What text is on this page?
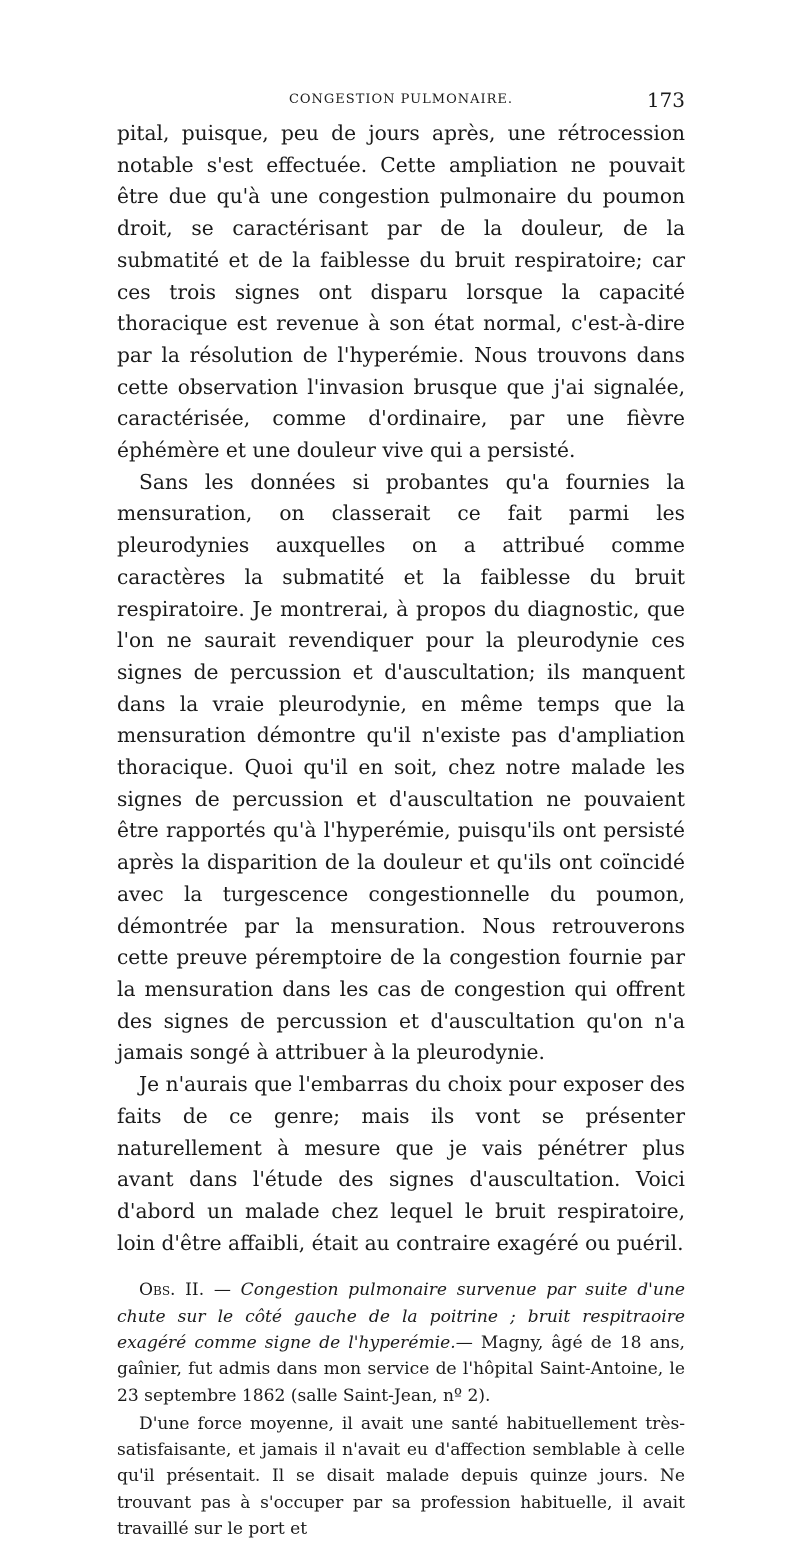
CONGESTION PULMONAIRE.	173

pital, puisque, peu de jours après, une rétrocession notable s'est effectuée. Cette ampliation ne pouvait être due qu'à une congestion pulmonaire du poumon droit, se caractérisant par de la douleur, de la submatité et de la faiblesse du bruit respiratoire; car ces trois signes ont disparu lorsque la capacité thoracique est revenue à son état normal, c'est-à-dire par la résolution de l'hyperémie. Nous trouvons dans cette observation l'invasion brusque que j'ai signalée, caractérisée, comme d'ordinaire, par une fièvre éphémère et une douleur vive qui a persisté.

Sans les données si probantes qu'a fournies la mensuration, on classerait ce fait parmi les pleurodynies auxquelles on a attribué comme caractères la submatité et la faiblesse du bruit respiratoire. Je montrerai, à propos du diagnostic, que l'on ne saurait revendiquer pour la pleurodynie ces signes de percussion et d'auscultation; ils manquent dans la vraie pleurodynie, en même temps que la mensuration démontre qu'il n'existe pas d'ampliation thoracique. Quoi qu'il en soit, chez notre malade les signes de percussion et d'auscultation ne pouvaient être rapportés qu'à l'hyperémie, puisqu'ils ont persisté après la disparition de la douleur et qu'ils ont coïncidé avec la turgescence congestionnelle du poumon, démontrée par la mensuration. Nous retrouverons cette preuve péremptoire de la congestion fournie par la mensuration dans les cas de congestion qui offrent des signes de percussion et d'auscultation qu'on n'a jamais songé à attribuer à la pleurodynie.

Je n'aurais que l'embarras du choix pour exposer des faits de ce genre; mais ils vont se présenter naturellement à mesure que je vais pénétrer plus avant dans l'étude des signes d'auscultation. Voici d'abord un malade chez lequel le bruit respiratoire, loin d'être affaibli, était au contraire exagéré ou puéril.

Obs. II. — Congestion pulmonaire survenue par suite d'une chute sur le côté gauche de la poitrine ; bruit respitraoire exagéré comme signe de l'hyperémie.— Magny, âgé de 18 ans, gaînier, fut admis dans mon service de l'hôpital Saint-Antoine, le 23 septembre 1862 (salle Saint-Jean, nº 2).

D'une force moyenne, il avait une santé habituellement très-satisfaisante, et jamais il n'avait eu d'affection semblable à celle qu'il présentait. Il se disait malade depuis quinze jours. Ne trouvant pas à s'occuper par sa profession habituelle, il avait travaillé sur le port et
